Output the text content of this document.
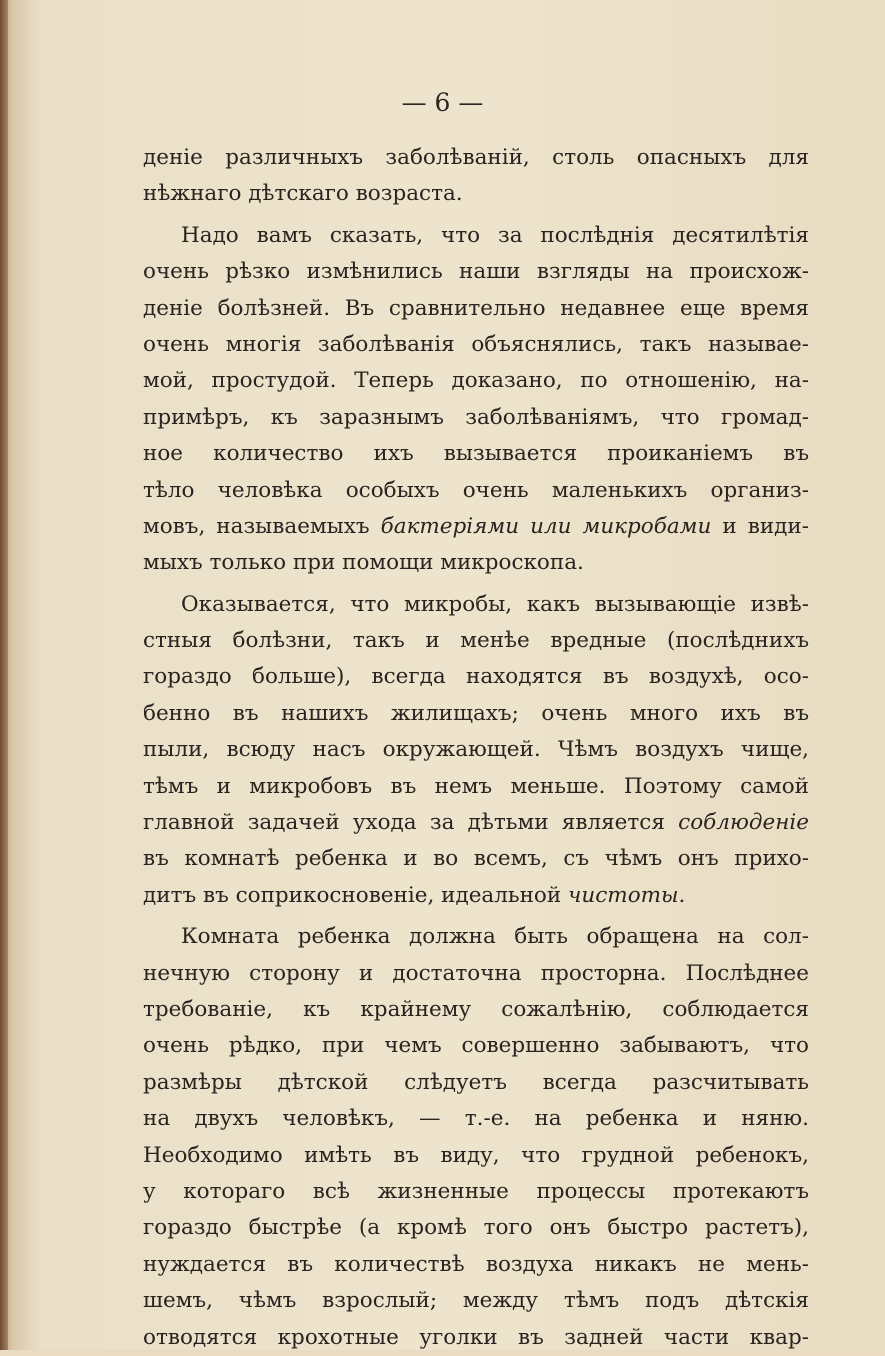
— 6 —
деніе различныхъ заболѣваній, столь опасныхъ для
нѣжнаго дѣтскаго возраста.
Надо вамъ сказать, что за послѣднія десятилѣтія
очень рѣзко измѣнились наши взгляды на происхож-
деніе болѣзней. Въ сравнительно недавнее еще время
очень многія заболѣванія объяснялись, такъ называе-
мой, простудой. Теперь доказано, по отношенію, на-
примѣръ, къ заразнымъ заболѣваніямъ, что громад-
ное количество ихъ вызывается проиканіемъ въ
тѣло человѣка особыхъ очень маленькихъ организ-
мовъ, называемыхъ бактеріями или микробами и види-
мыхъ только при помощи микроскопа.
Оказывается, что микробы, какъ вызывающіе извѣ-
стныя болѣзни, такъ и менѣе вредные (послѣднихъ
гораздо больше), всегда находятся въ воздухѣ, осо-
бенно въ нашихъ жилищахъ; очень много ихъ въ
пыли, всюду насъ окружающей. Чѣмъ воздухъ чище,
тѣмъ и микробовъ въ немъ меньше. Поэтому самой
главной задачей ухода за дѣтьми является соблюденіе
въ комнатѣ ребенка и во всемъ, съ чѣмъ онъ прихо-
дитъ въ соприкосновеніе, идеальной чистоты.
Комната ребенка должна быть обращена на сол-
нечную сторону и достаточна просторна. Послѣднее
требованіе, къ крайнему сожалѣнію, соблюдается
очень рѣдко, при чемъ совершенно забываютъ, что
размѣры дѣтской слѣдуетъ всегда разсчитывать
на двухъ человѣкъ, — т.-е. на ребенка и няню.
Необходимо имѣть въ виду, что грудной ребенокъ,
у котораго всѣ жизненные процессы протекаютъ
гораздо быстрѣе (а кромѣ того онъ быстро растетъ),
нуждается въ количествѣ воздуха никакъ не мень-
шемъ, чѣмъ взрослый; между тѣмъ подъ дѣтскія
отводятся крохотные уголки въ задней части квар-
